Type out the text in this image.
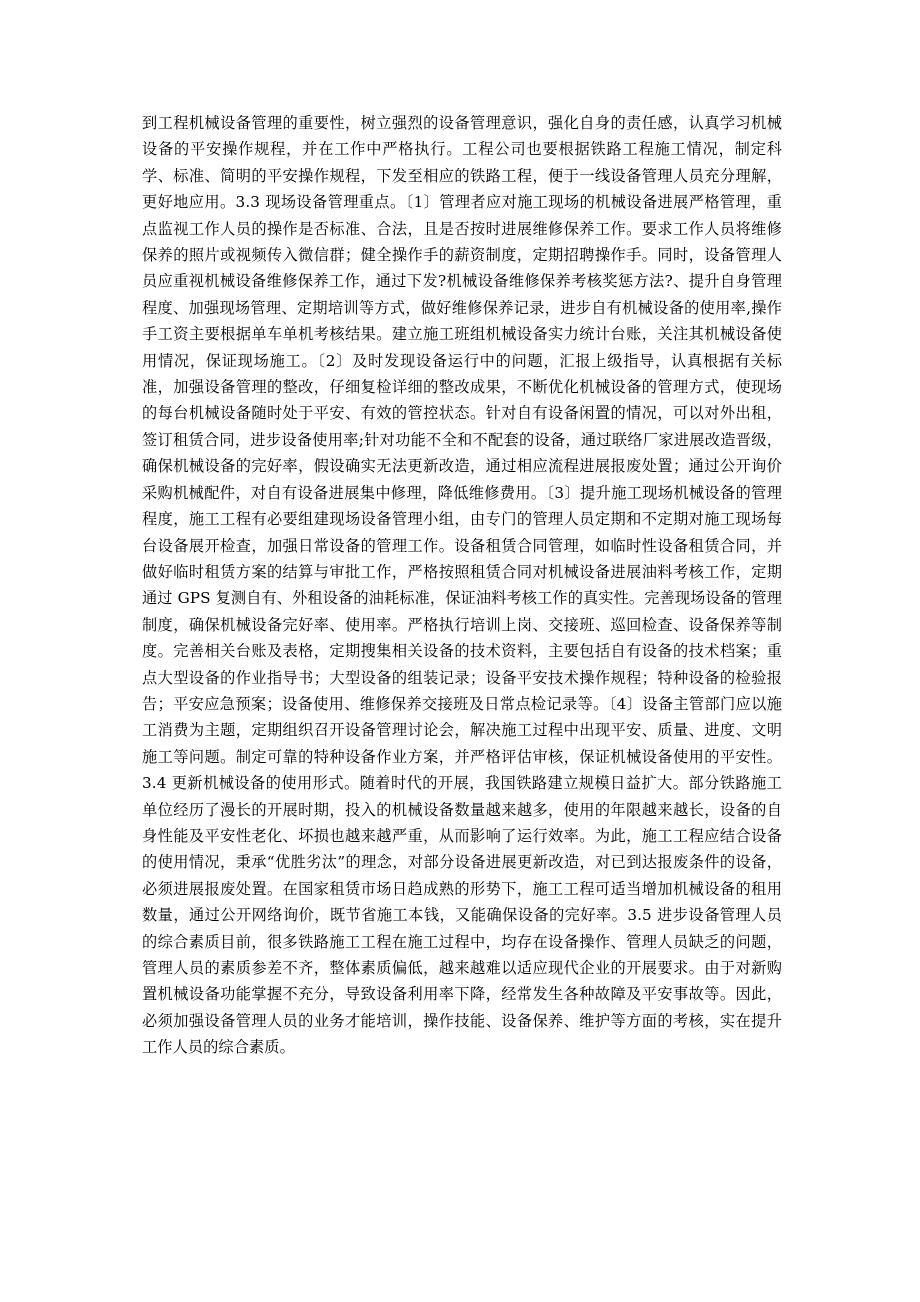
到工程机械设备管理的重要性，树立强烈的设备管理意识，强化自身的责任感，认真学习机械设备的平安操作规程，并在工作中严格执行。工程公司也要根据铁路工程施工情况，制定科学、标准、简明的平安操作规程，下发至相应的铁路工程，便于一线设备管理人员充分理解，更好地应用。3.3 现场设备管理重点。〔1〕管理者应对施工现场的机械设备进展严格管理，重点监视工作人员的操作是否标准、合法，且是否按时进展维修保养工作。要求工作人员将维修保养的照片或视频传入微信群；健全操作手的薪资制度，定期招聘操作手。同时，设备管理人员应重视机械设备维修保养工作，通过下发?机械设备维修保养考核奖惩方法?、提升自身管理程度、加强现场管理、定期培训等方式，做好维修保养记录，进步自有机械设备的使用率,操作手工资主要根据单车单机考核结果。建立施工班组机械设备实力统计台账，关注其机械设备使用情况，保证现场施工。〔2〕及时发现设备运行中的问题，汇报上级指导，认真根据有关标准，加强设备管理的整改，仔细复检详细的整改成果，不断优化机械设备的管理方式，使现场的每台机械设备随时处于平安、有效的管控状态。针对自有设备闲置的情况，可以对外出租，签订租赁合同，进步设备使用率;针对功能不全和不配套的设备，通过联络厂家进展改造晋级，确保机械设备的完好率，假设确实无法更新改造，通过相应流程进展报废处置；通过公开询价采购机械配件，对自有设备进展集中修理，降低维修费用。〔3〕提升施工现场机械设备的管理程度，施工工程有必要组建现场设备管理小组，由专门的管理人员定期和不定期对施工现场每台设备展开检查，加强日常设备的管理工作。设备租赁合同管理，如临时性设备租赁合同，并做好临时租赁方案的结算与审批工作，严格按照租赁合同对机械设备进展油料考核工作，定期通过 GPS 复测自有、外租设备的油耗标准，保证油料考核工作的真实性。完善现场设备的管理制度，确保机械设备完好率、使用率。严格执行培训上岗、交接班、巡回检查、设备保养等制度。完善相关台账及表格，定期搜集相关设备的技术资料，主要包括自有设备的技术档案；重点大型设备的作业指导书；大型设备的组装记录；设备平安技术操作规程；特种设备的检验报告；平安应急预案；设备使用、维修保养交接班及日常点检记录等。〔4〕设备主管部门应以施工消费为主题，定期组织召开设备管理讨论会，解决施工过程中出现平安、质量、进度、文明施工等问题。制定可靠的特种设备作业方案，并严格评估审核，保证机械设备使用的平安性。3.4 更新机械设备的使用形式。随着时代的开展，我国铁路建立规模日益扩大。部分铁路施工单位经历了漫长的开展时期，投入的机械设备数量越来越多，使用的年限越来越长，设备的自身性能及平安性老化、坏损也越来越严重，从而影响了运行效率。为此，施工工程应结合设备的使用情况，秉承“优胜劣汰”的理念，对部分设备进展更新改造，对已到达报废条件的设备，必须进展报废处置。在国家租赁市场日趋成熟的形势下，施工工程可适当增加机械设备的租用数量，通过公开网络询价，既节省施工本钱，又能确保设备的完好率。3.5 进步设备管理人员的综合素质目前，很多铁路施工工程在施工过程中，均存在设备操作、管理人员缺乏的问题，管理人员的素质参差不齐，整体素质偏低，越来越难以适应现代企业的开展要求。由于对新购置机械设备功能掌握不充分，导致设备利用率下降，经常发生各种故障及平安事故等。因此，必须加强设备管理人员的业务才能培训，操作技能、设备保养、维护等方面的考核，实在提升工作人员的综合素质。
